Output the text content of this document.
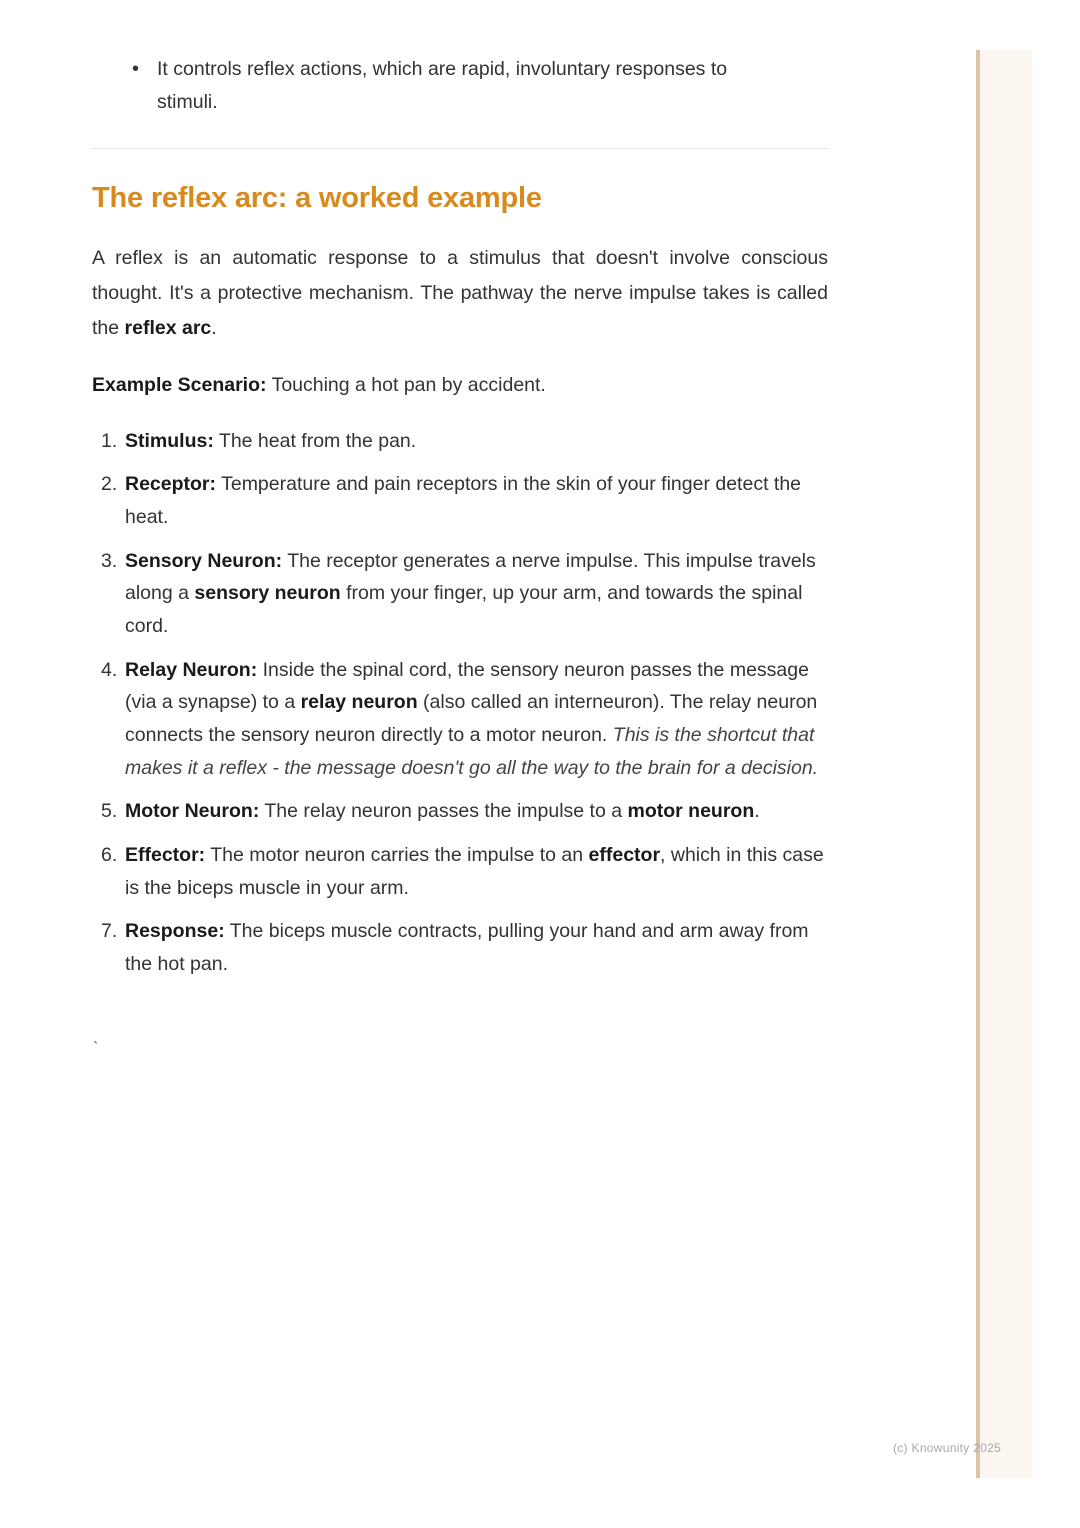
• It controls reflex actions, which are rapid, involuntary responses to stimuli.
The reflex arc: a worked example

A reflex is an automatic response to a stimulus that doesn't involve conscious thought. It's a protective mechanism. The pathway the nerve impulse takes is called the reflex arc.

Example Scenario: Touching a hot pan by accident.

1. Stimulus: The heat from the pan.
2. Receptor: Temperature and pain receptors in the skin of your finger detect the heat.
3. Sensory Neuron: The receptor generates a nerve impulse. This impulse travels along a sensory neuron from your finger, up your arm, and towards the spinal cord.
4. Relay Neuron: Inside the spinal cord, the sensory neuron passes the message (via a synapse) to a relay neuron (also called an interneuron). The relay neuron connects the sensory neuron directly to a motor neuron. This is the shortcut that makes it a reflex - the message doesn't go all the way to the brain for a decision.
5. Motor Neuron: The relay neuron passes the impulse to a motor neuron.
6. Effector: The motor neuron carries the impulse to an effector, which in this case is the biceps muscle in your arm.
7. Response: The biceps muscle contracts, pulling your hand and arm away from the hot pan.
`
(c) Knowunity 2025
